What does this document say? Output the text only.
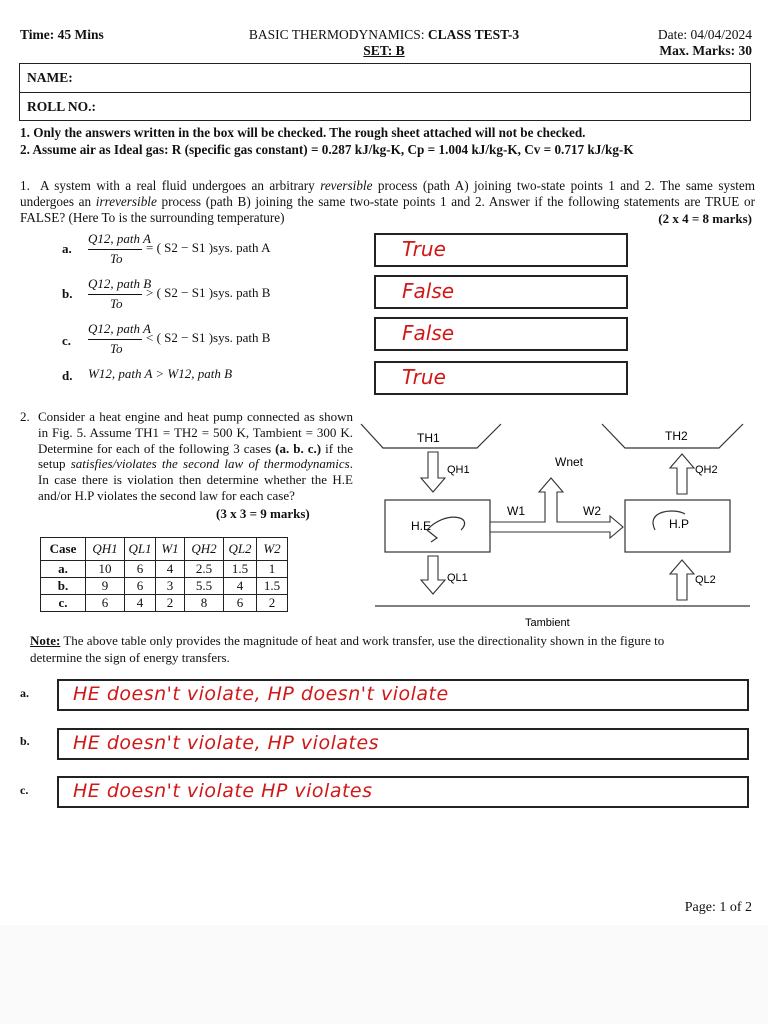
Time: 45 Mins	BASIC THERMODYNAMICS: CLASS TEST-3	Date: 04/04/2024
SET: B	Max. Marks: 30
NAME:
ROLL NO.:
1. Only the answers written in the box will be checked. The rough sheet attached will not be checked.
2. Assume air as Ideal gas: R (specific gas constant) = 0.287 kJ/kg-K, Cp = 1.004 kJ/kg-K, Cv = 0.717 kJ/kg-K
1. A system with a real fluid undergoes an arbitrary reversible process (path A) joining two-state points 1 and 2. The same system undergoes an irreversible process (path B) joining the same two-state points 1 and 2. Answer if the following statements are TRUE or FALSE? (Here To is the surrounding temperature)	(2 x 4 = 8 marks)
a.
Q12, path A
To
= ( S2 − S1 )sys. path A	True
b.
Q12, path B
To
> ( S2 − S1 )sys. path B	False
c.
Q12, path A
To
< ( S2 − S1 )sys. path B	False
d. W12, path A > W12, path B	True
2. Consider a heat engine and heat pump connected as shown in Fig. 5. Assume TH1 = TH2 = 500 K, Tambient = 300 K. Determine for each of the following 3 cases (a. b. c.) if the setup satisfies/violates the second law of thermodynamics. In case there is violation then determine whether the H.E and/or H.P violates the second law for each case?
(3 x 3 = 9 marks)
Case	QH1	QL1	W1	QH2	QL2	W2
a.	10	6	4	2.5	1.5	1
b.	9	6	3	5.5	4	1.5
c.	6	4	2	8	6	2
TH1	TH2
Tambient
H.E	H.P
QH1
QL1
QH2
QL2
Wnet
W1	W2
Note: The above table only provides the magnitude of heat and work transfer, use the directionality shown in the figure to determine the sign of energy transfers.
a. HE doesn't violate, HP doesn't violate
b. HE doesn't violate, HP violates
c. HE doesn't violate HP violates
Page: 1 of 2
